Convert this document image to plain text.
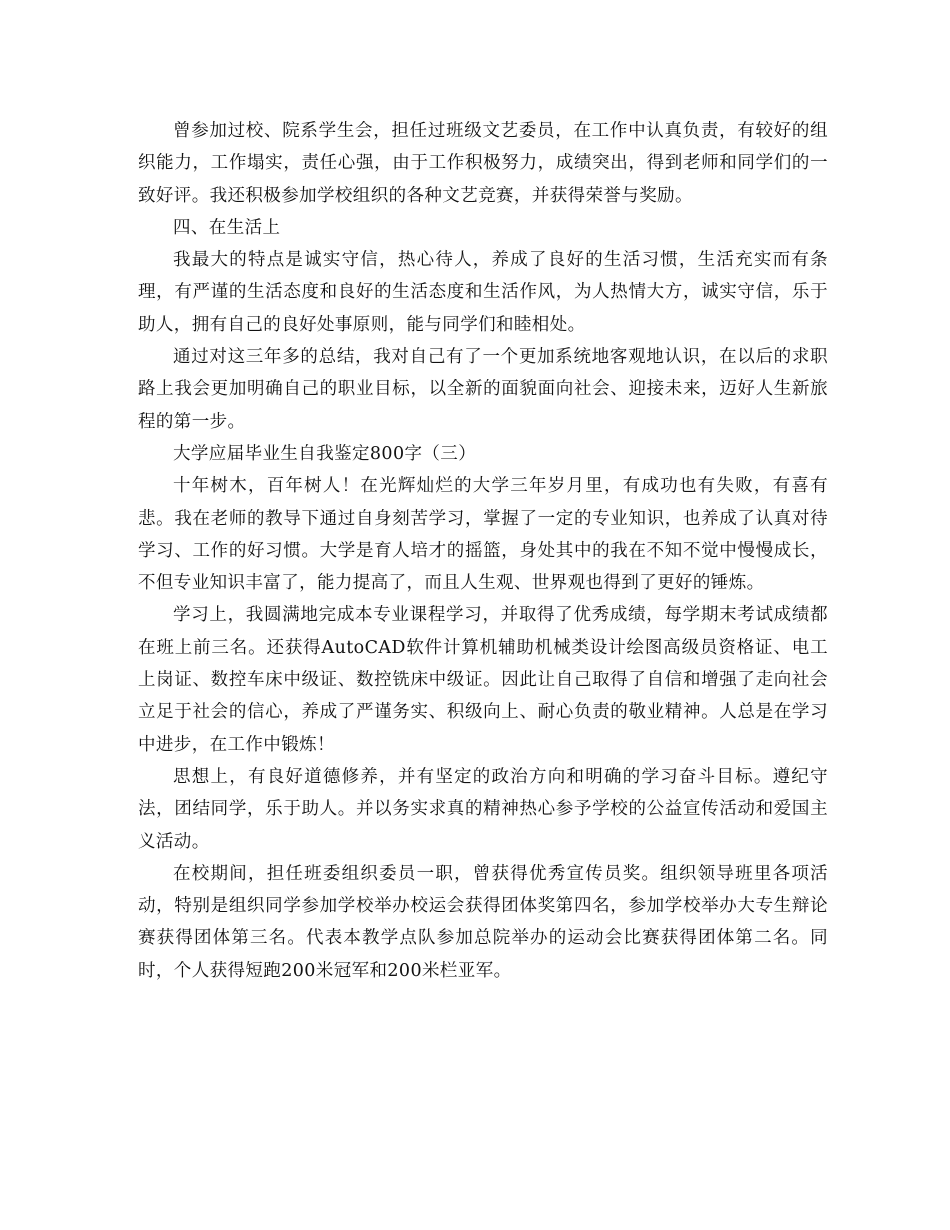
曾参加过校、院系学生会，担任过班级文艺委员，在工作中认真负责，有较好的组织能力，工作塌实，责任心强，由于工作积极努力，成绩突出，得到老师和同学们的一致好评。我还积极参加学校组织的各种文艺竞赛，并获得荣誉与奖励。

四、在生活上

我最大的特点是诚实守信，热心待人，养成了良好的生活习惯，生活充实而有条理，有严谨的生活态度和良好的生活态度和生活作风，为人热情大方，诚实守信，乐于助人，拥有自己的良好处事原则，能与同学们和睦相处。

通过对这三年多的总结，我对自己有了一个更加系统地客观地认识，在以后的求职路上我会更加明确自己的职业目标，以全新的面貌面向社会、迎接未来，迈好人生新旅程的第一步。

大学应届毕业生自我鉴定800字（三）

十年树木，百年树人！在光辉灿烂的大学三年岁月里，有成功也有失败，有喜有悲。我在老师的教导下通过自身刻苦学习，掌握了一定的专业知识，也养成了认真对待学习、工作的好习惯。大学是育人培才的摇篮，身处其中的我在不知不觉中慢慢成长，不但专业知识丰富了，能力提高了，而且人生观、世界观也得到了更好的锤炼。

学习上，我圆满地完成本专业课程学习，并取得了优秀成绩，每学期末考试成绩都在班上前三名。还获得AutoCAD软件计算机辅助机械类设计绘图高级员资格证、电工上岗证、数控车床中级证、数控铣床中级证。因此让自己取得了自信和增强了走向社会立足于社会的信心，养成了严谨务实、积级向上、耐心负责的敬业精神。人总是在学习中进步，在工作中锻炼！

思想上，有良好道德修养，并有坚定的政治方向和明确的学习奋斗目标。遵纪守法，团结同学，乐于助人。并以务实求真的精神热心参予学校的公益宣传活动和爱国主义活动。

在校期间，担任班委组织委员一职，曾获得优秀宣传员奖。组织领导班里各项活动，特别是组织同学参加学校举办校运会获得团体奖第四名，参加学校举办大专生辩论赛获得团体第三名。代表本教学点队参加总院举办的运动会比赛获得团体第二名。同时，个人获得短跑200米冠军和200米栏亚军。
